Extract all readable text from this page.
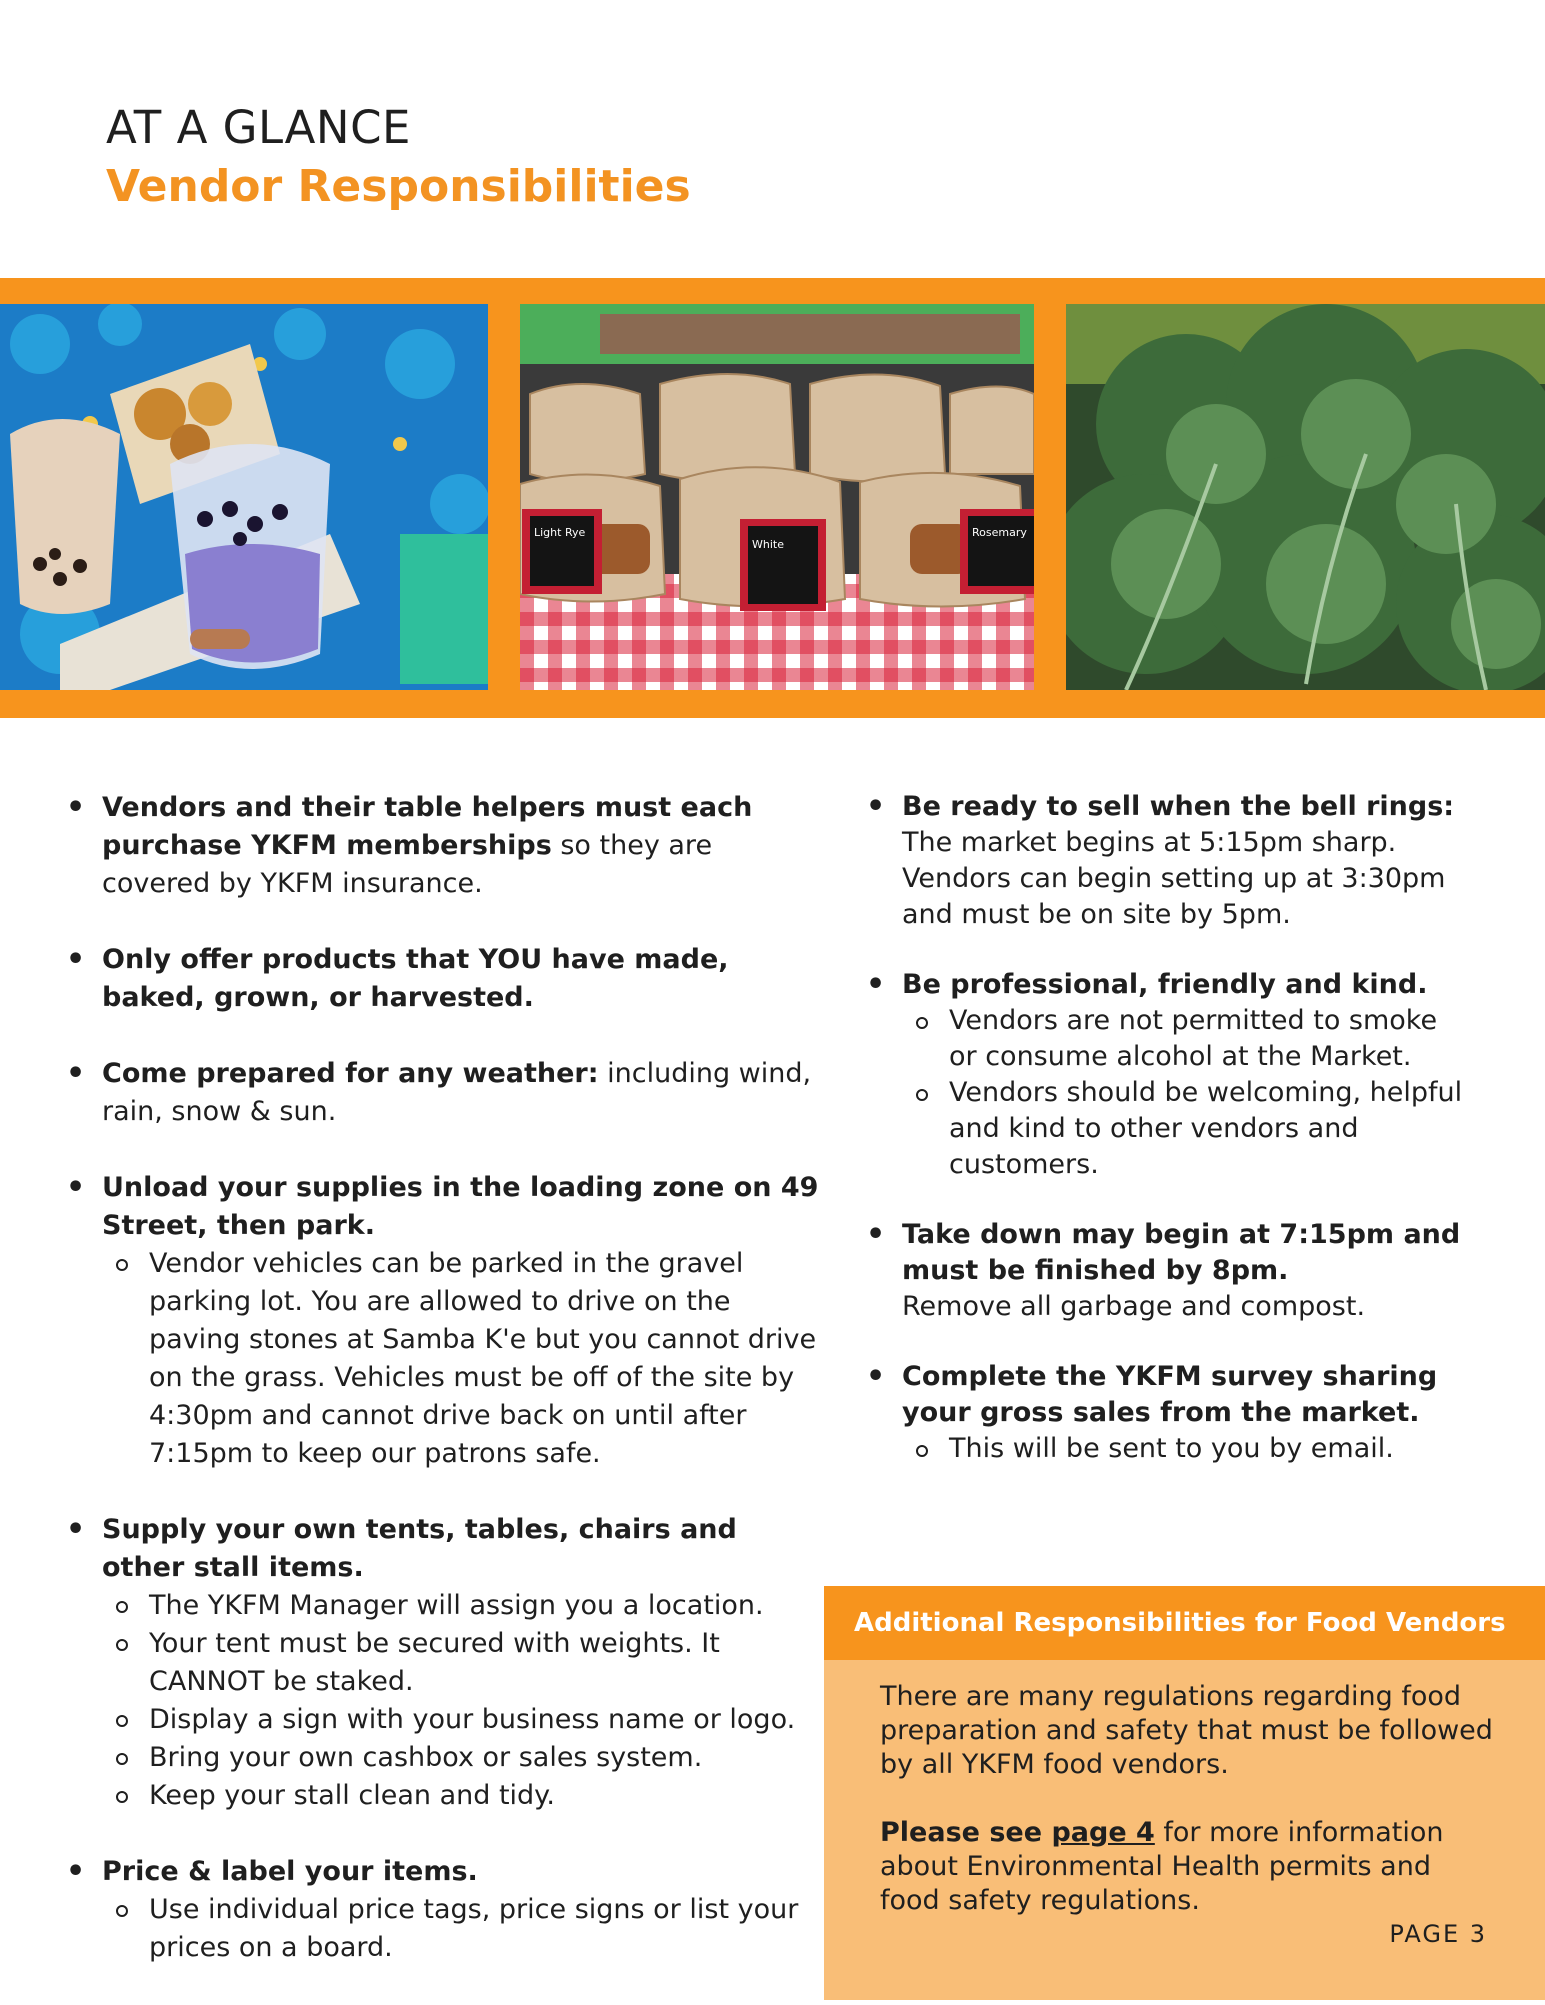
AT A GLANCE
Vendor Responsibilities
Light Rye
White
Rosemary
• Vendors and their table helpers must each purchase YKFM memberships so they are covered by YKFM insurance.
• Only offer products that YOU have made, baked, grown, or harvested.
• Come prepared for any weather: including wind, rain, snow & sun.
• Unload your supplies in the loading zone on 49 Street, then park.
Vendor vehicles can be parked in the gravel parking lot. You are allowed to drive on the paving stones at Samba K'e but you cannot drive on the grass. Vehicles must be off of the site by 4:30pm and cannot drive back on until after 7:15pm to keep our patrons safe.
• Supply your own tents, tables, chairs and other stall items.
The YKFM Manager will assign you a location.
Your tent must be secured with weights. It CANNOT be staked.
Display a sign with your business name or logo.
Bring your own cashbox or sales system.
Keep your stall clean and tidy.
• Price & label your items.
Use individual price tags, price signs or list your prices on a board.
• Be ready to sell when the bell rings:
The market begins at 5:15pm sharp. Vendors can begin setting up at 3:30pm and must be on site by 5pm.
• Be professional, friendly and kind.
Vendors are not permitted to smoke or consume alcohol at the Market.
Vendors should be welcoming, helpful and kind to other vendors and customers.
• Take down may begin at 7:15pm and must be finished by 8pm.
Remove all garbage and compost.
• Complete the YKFM survey sharing your gross sales from the market.
This will be sent to you by email.
Additional Responsibilities for Food Vendors

There are many regulations regarding food preparation and safety that must be followed by all YKFM food vendors.

Please see page 4 for more information about Environmental Health permits and food safety regulations.

PAGE 3
